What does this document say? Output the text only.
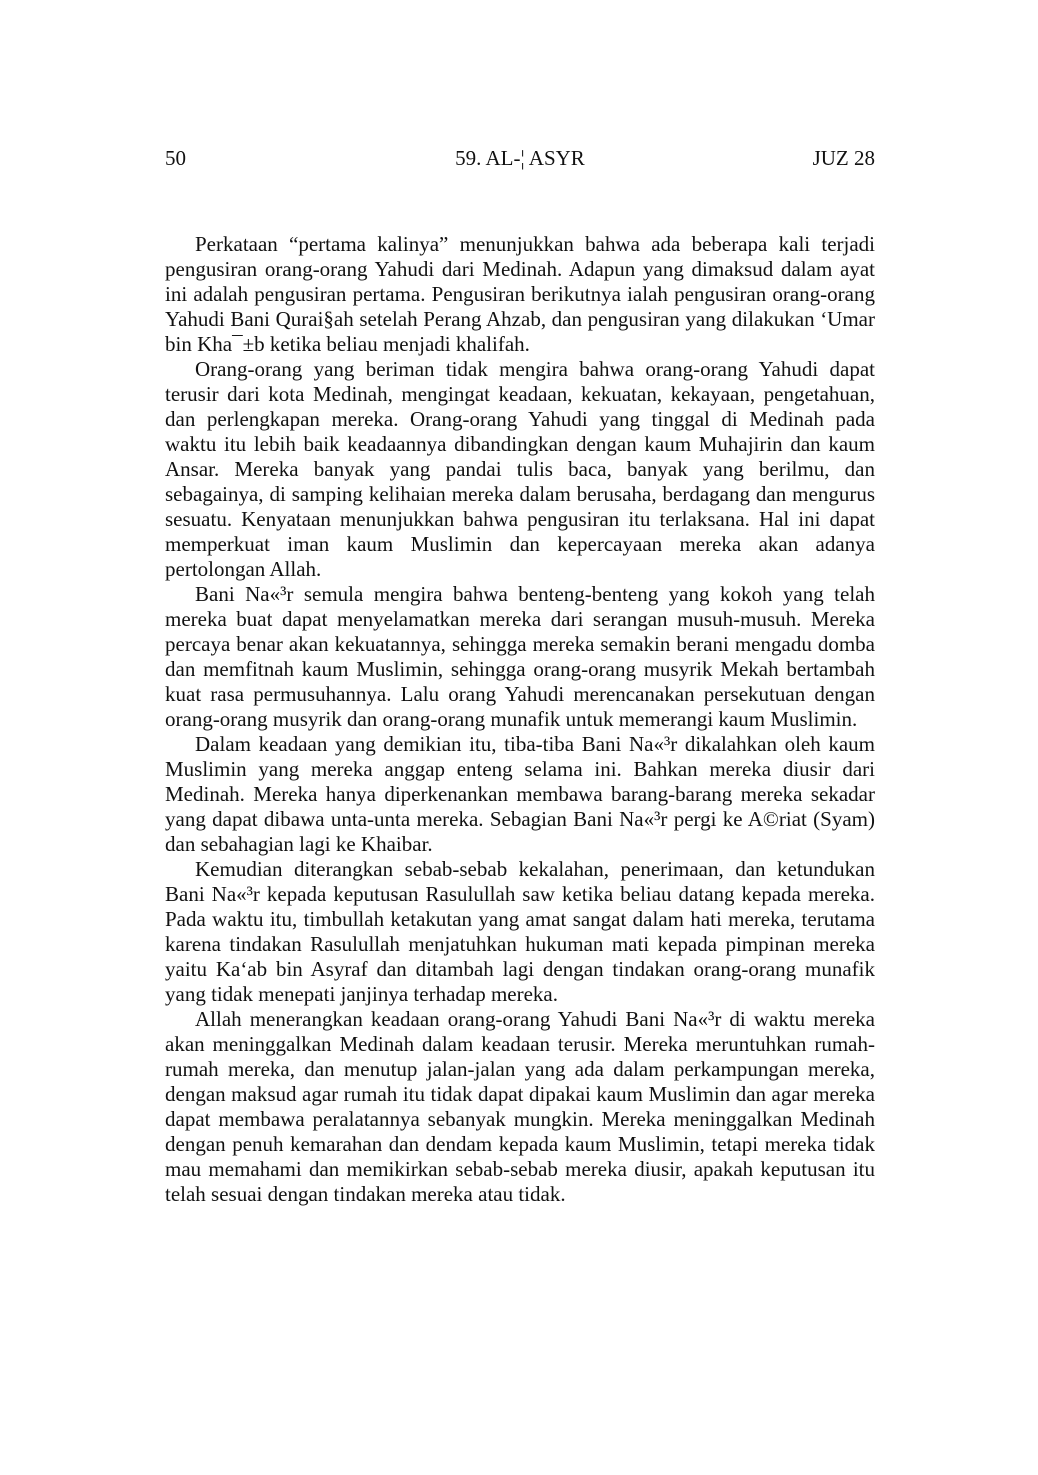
50	59. AL-¦ ASYR	JUZ 28

Perkataan “pertama kalinya” menunjukkan bahwa ada beberapa kali terjadi pengusiran orang-orang Yahudi dari Medinah. Adapun yang dimaksud dalam ayat ini adalah pengusiran pertama. Pengusiran berikutnya ialah pengusiran orang-orang Yahudi Bani Qurai§ah setelah Perang Ahzab, dan pengusiran yang dilakukan ‘Umar bin Kha¯±b ketika beliau menjadi khalifah.

Orang-orang yang beriman tidak mengira bahwa orang-orang Yahudi dapat terusir dari kota Medinah, mengingat keadaan, kekuatan, kekayaan, pengetahuan, dan perlengkapan mereka. Orang-orang Yahudi yang tinggal di Medinah pada waktu itu lebih baik keadaannya dibandingkan dengan kaum Muhajirin dan kaum Ansar. Mereka banyak yang pandai tulis baca, banyak yang berilmu, dan sebagainya, di samping kelihaian mereka dalam berusaha, berdagang dan mengurus sesuatu. Kenyataan menunjukkan bahwa pengusiran itu terlaksana. Hal ini dapat memperkuat iman kaum Muslimin dan kepercayaan mereka akan adanya pertolongan Allah.

Bani Na«³r semula mengira bahwa benteng-benteng yang kokoh yang telah mereka buat dapat menyelamatkan mereka dari serangan musuh-musuh. Mereka percaya benar akan kekuatannya, sehingga mereka semakin berani mengadu domba dan memfitnah kaum Muslimin, sehingga orang-orang musyrik Mekah bertambah kuat rasa permusuhannya. Lalu orang Yahudi merencanakan persekutuan dengan orang-orang musyrik dan orang-orang munafik untuk memerangi kaum Muslimin.

Dalam keadaan yang demikian itu, tiba-tiba Bani Na«³r dikalahkan oleh kaum Muslimin yang mereka anggap enteng selama ini. Bahkan mereka diusir dari Medinah. Mereka hanya diperkenankan membawa barang-barang mereka sekadar yang dapat dibawa unta-unta mereka. Sebagian Bani Na«³r pergi ke A©riat (Syam) dan sebahagian lagi ke Khaibar.

Kemudian diterangkan sebab-sebab kekalahan, penerimaan, dan ketundukan Bani Na«³r kepada keputusan Rasulullah saw ketika beliau datang kepada mereka. Pada waktu itu, timbullah ketakutan yang amat sangat dalam hati mereka, terutama karena tindakan Rasulullah menjatuhkan hukuman mati kepada pimpinan mereka yaitu Ka‘ab bin Asyraf dan ditambah lagi dengan tindakan orang-orang munafik yang tidak menepati janjinya terhadap mereka.

Allah menerangkan keadaan orang-orang Yahudi Bani Na«³r di waktu mereka akan meninggalkan Medinah dalam keadaan terusir. Mereka meruntuhkan rumah-rumah mereka, dan menutup jalan-jalan yang ada dalam perkampungan mereka, dengan maksud agar rumah itu tidak dapat dipakai kaum Muslimin dan agar mereka dapat membawa peralatannya sebanyak mungkin. Mereka meninggalkan Medinah dengan penuh kemarahan dan dendam kepada kaum Muslimin, tetapi mereka tidak mau memahami dan memikirkan sebab-sebab mereka diusir, apakah keputusan itu telah sesuai dengan tindakan mereka atau tidak.
